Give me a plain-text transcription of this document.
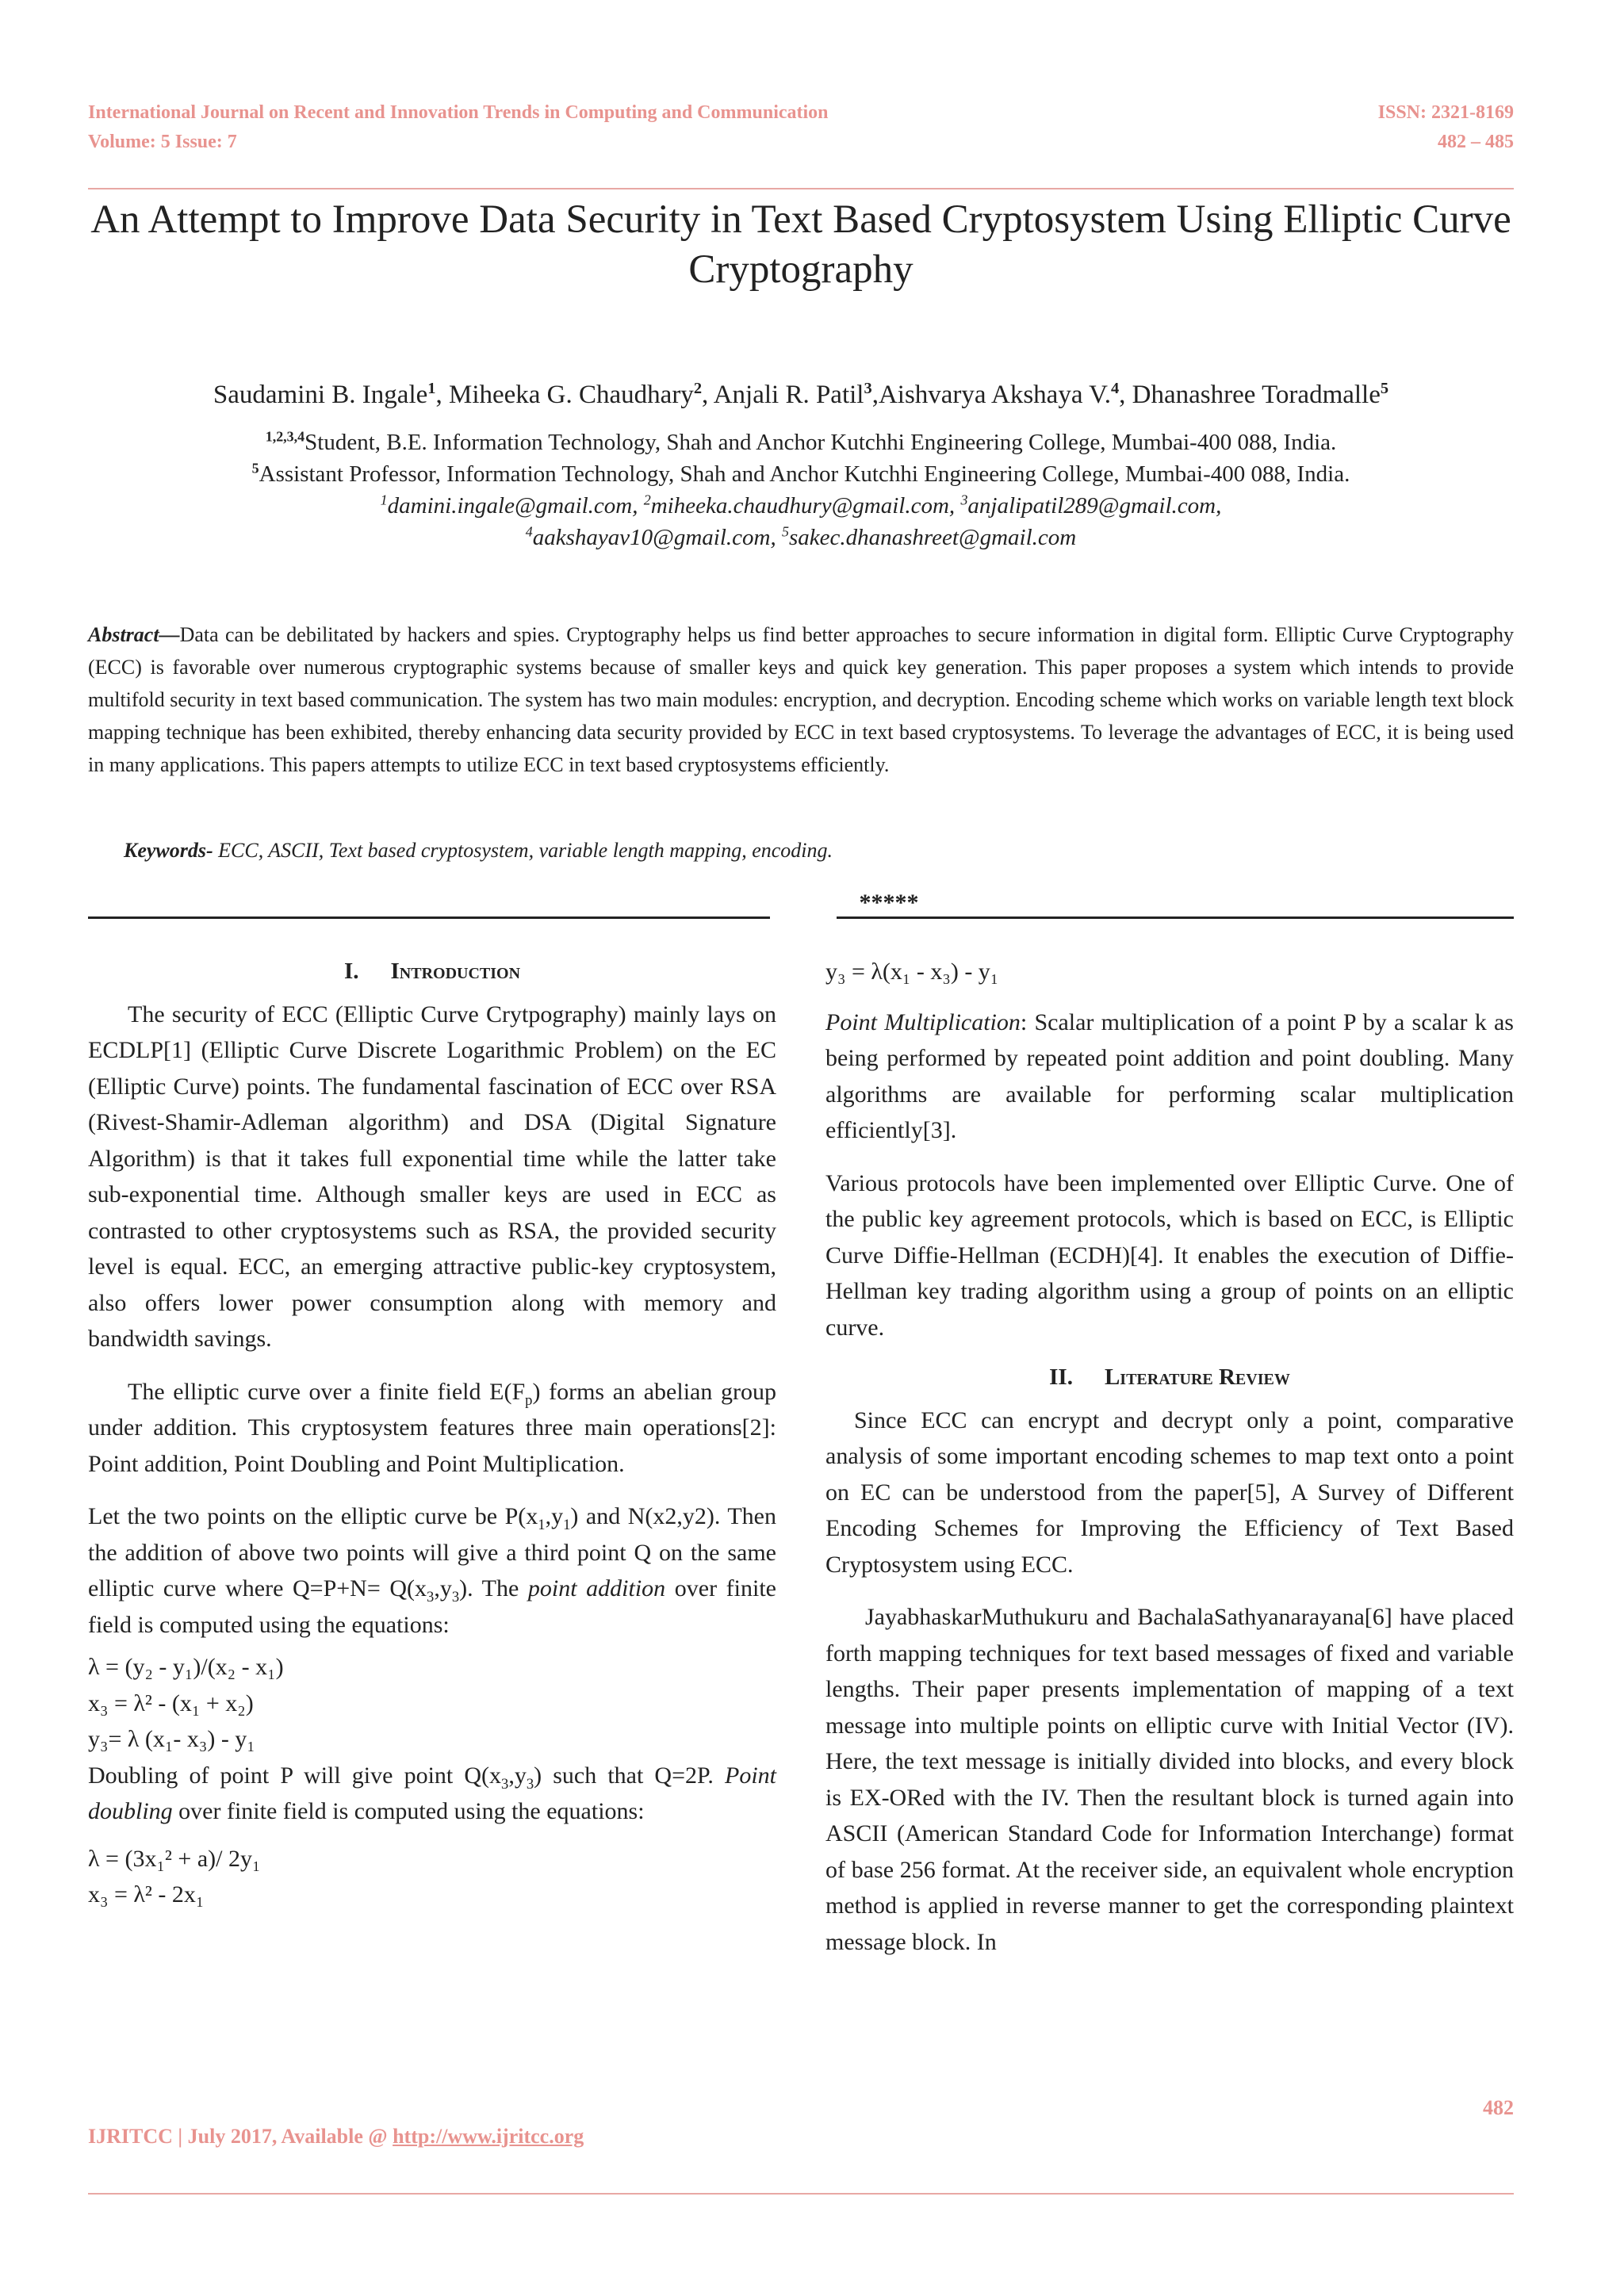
International Journal on Recent and Innovation Trends in Computing and Communication
Volume: 5 Issue: 7
ISSN: 2321-8169
482 – 485
An Attempt to Improve Data Security in Text Based Cryptosystem Using Elliptic Curve Cryptography
Saudamini B. Ingale$^1$, Miheeka G. Chaudhary$^2$, Anjali R. Patil$^3$,Aishvarya Akshaya V.$^4$, Dhanashree Toradmalle$^5$
$^{1,2,3,4}$Student, B.E. Information Technology, Shah and Anchor Kutchhi Engineering College, Mumbai-400 088, India.
$^5$Assistant Professor, Information Technology, Shah and Anchor Kutchhi Engineering College, Mumbai-400 088, India.
$^1$damini.ingale@gmail.com, $^2$miheeka.chaudhury@gmail.com, $^3$anjalipatil289@gmail.com,
$^4$aakshayav10@gmail.com, $^5$sakec.dhanashreet@gmail.com
Abstract—Data can be debilitated by hackers and spies. Cryptography helps us find better approaches to secure information in digital form. Elliptic Curve Cryptography (ECC) is favorable over numerous cryptographic systems because of smaller keys and quick key generation. This paper proposes a system which intends to provide multifold security in text based communication. The system has two main modules: encryption, and decryption. Encoding scheme which works on variable length text block mapping technique has been exhibited, thereby enhancing data security provided by ECC in text based cryptosystems. To leverage the advantages of ECC, it is being used in many applications. This papers attempts to utilize ECC in text based cryptosystems efficiently.
Keywords- ECC, ASCII, Text based cryptosystem, variable length mapping, encoding.
*****
I. Introduction

The security of ECC (Elliptic Curve Crytpography) mainly lays on ECDLP[1] (Elliptic Curve Discrete Logarithmic Problem) on the EC (Elliptic Curve) points. The fundamental fascination of ECC over RSA (Rivest-Shamir-Adleman algorithm) and DSA (Digital Signature Algorithm) is that it takes full exponential time while the latter take sub-exponential time. Although smaller keys are used in ECC as contrasted to other cryptosystems such as RSA, the provided security level is equal. ECC, an emerging attractive public-key cryptosystem, also offers lower power consumption along with memory and bandwidth savings.

The elliptic curve over a finite field $E(F_p)$ forms an abelian group under addition. This cryptosystem features three main operations[2]: Point addition, Point Doubling and Point Multiplication.

Let the two points on the elliptic curve be $P(x_1,y_1)$ and N(x2,y2). Then the addition of above two points will give a third point Q on the same elliptic curve where $Q=P+N= Q(x_3,y_3)$. The point addition over finite field is computed using the equations:

λ = (y₂ - y₁)/(x₂ - x₁)

x₃ = λ² - (x₁ + x₂)

y₃= λ (x₁- x₃) - y₁

Doubling of point P will give point $Q(x_3,y_3)$ such that Q=2P. Point doubling over finite field is computed using the equations:

λ = (3x₁² + a)/ 2y₁

x₃ = λ² - 2x₁

y₃ = λ(x₁ - x₃) - y₁

Point Multiplication: Scalar multiplication of a point P by a scalar k as being performed by repeated point addition and point doubling. Many algorithms are available for performing scalar multiplication efficiently[3].

Various protocols have been implemented over Elliptic Curve. One of the public key agreement protocols, which is based on ECC, is Elliptic Curve Diffie-Hellman (ECDH)[4]. It enables the execution of Diffie-Hellman key trading algorithm using a group of points on an elliptic curve.

II. Literature Review

Since ECC can encrypt and decrypt only a point, comparative analysis of some important encoding schemes to map text onto a point on EC can be understood from the paper[5], A Survey of Different Encoding Schemes for Improving the Efficiency of Text Based Cryptosystem using ECC.

JayabhaskarMuthukuru and BachalaSathyanarayana[6] have placed forth mapping techniques for text based messages of fixed and variable lengths. Their paper presents implementation of mapping of a text message into multiple points on elliptic curve with Initial Vector (IV). Here, the text message is initially divided into blocks, and every block is EX-ORed with the IV. Then the resultant block is turned again into ASCII (American Standard Code for Information Interchange) format of base 256 format. At the receiver side, an equivalent whole encryption method is applied in reverse manner to get the corresponding plaintext message block. In

482
IJRITCC | July 2017, Available @ http://www.ijritcc.org
